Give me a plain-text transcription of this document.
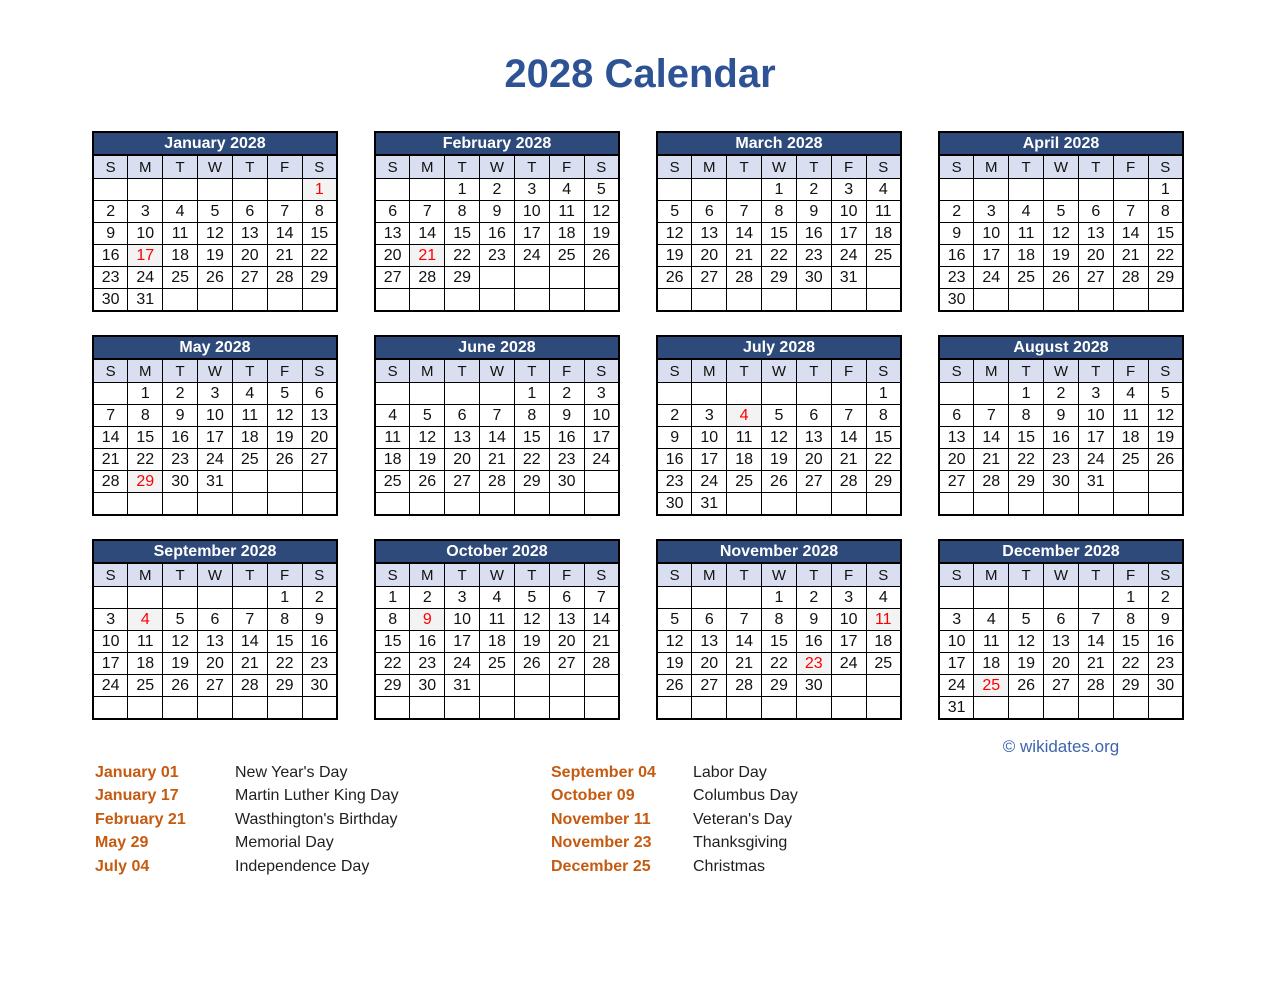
2028 Calendar
January 2028						
S	M	T	W	T	F	S
						1
2	3	4	5	6	7	8
9	10	11	12	13	14	15
16	17	18	19	20	21	22
23	24	25	26	27	28	29
30	31					
February 2028						
S	M	T	W	T	F	S
		1	2	3	4	5
6	7	8	9	10	11	12
13	14	15	16	17	18	19
20	21	22	23	24	25	26
27	28	29				

March 2028						
S	M	T	W	T	F	S
			1	2	3	4
5	6	7	8	9	10	11
12	13	14	15	16	17	18
19	20	21	22	23	24	25
26	27	28	29	30	31	

April 2028						
S	M	T	W	T	F	S
						1
2	3	4	5	6	7	8
9	10	11	12	13	14	15
16	17	18	19	20	21	22
23	24	25	26	27	28	29
30						
May 2028						
S	M	T	W	T	F	S
	1	2	3	4	5	6
7	8	9	10	11	12	13
14	15	16	17	18	19	20
21	22	23	24	25	26	27
28	29	30	31			

June 2028						
S	M	T	W	T	F	S
				1	2	3
4	5	6	7	8	9	10
11	12	13	14	15	16	17
18	19	20	21	22	23	24
25	26	27	28	29	30	

July 2028						
S	M	T	W	T	F	S
						1
2	3	4	5	6	7	8
9	10	11	12	13	14	15
16	17	18	19	20	21	22
23	24	25	26	27	28	29
30	31					
August 2028						
S	M	T	W	T	F	S
		1	2	3	4	5
6	7	8	9	10	11	12
13	14	15	16	17	18	19
20	21	22	23	24	25	26
27	28	29	30	31		

September 2028						
S	M	T	W	T	F	S
					1	2
3	4	5	6	7	8	9
10	11	12	13	14	15	16
17	18	19	20	21	22	23
24	25	26	27	28	29	30

October 2028						
S	M	T	W	T	F	S
1	2	3	4	5	6	7
8	9	10	11	12	13	14
15	16	17	18	19	20	21
22	23	24	25	26	27	28
29	30	31				

November 2028						
S	M	T	W	T	F	S
			1	2	3	4
5	6	7	8	9	10	11
12	13	14	15	16	17	18
19	20	21	22	23	24	25
26	27	28	29	30		

December 2028						
S	M	T	W	T	F	S
					1	2
3	4	5	6	7	8	9
10	11	12	13	14	15	16
17	18	19	20	21	22	23
24	25	26	27	28	29	30
31						
© wikidates.org
January 01	New Year's Day	September 04	Labor Day
January 17	Martin Luther King Day	October 09	Columbus Day
February 21	Wasthington's Birthday	November 11	Veteran's Day
May 29	Memorial Day	November 23	Thanksgiving
July 04	Independence Day	December 25	Christmas
